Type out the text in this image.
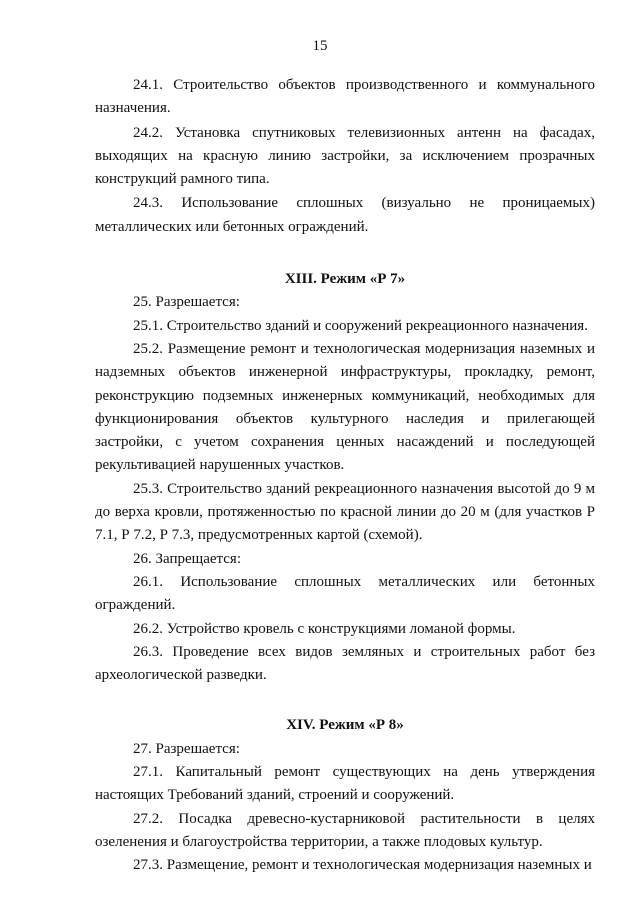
15

24.1. Строительство объектов производственного и коммунального назначения.

24.2. Установка спутниковых телевизионных антенн на фасадах, выходящих на красную линию застройки, за исключением прозрачных конструкций рамного типа.

24.3. Использование сплошных (визуально не проницаемых) металлических или бетонных ограждений.

XIII. Режим «Р 7»

25. Разрешается:

25.1. Строительство зданий и сооружений рекреационного назначения.

25.2. Размещение ремонт и технологическая модернизация наземных и надземных объектов инженерной инфраструктуры, прокладку, ремонт, реконструкцию подземных инженерных коммуникаций, необходимых для функционирования объектов культурного наследия и прилегающей застройки, с учетом сохранения ценных насаждений и последующей рекультивацией нарушенных участков.

25.3. Строительство зданий рекреационного назначения высотой до 9 м до верха кровли, протяженностью по красной линии до 20 м (для участков Р 7.1, Р 7.2, Р 7.3, предусмотренных картой (схемой).

26. Запрещается:

26.1. Использование сплошных металлических или бетонных ограждений.

26.2. Устройство кровель с конструкциями ломаной формы.

26.3. Проведение всех видов земляных и строительных работ без археологической разведки.

XIV. Режим «Р 8»

27. Разрешается:

27.1. Капитальный ремонт существующих на день утверждения настоящих Требований зданий, строений и сооружений.

27.2. Посадка древесно-кустарниковой растительности в целях озеленения и благоустройства территории, а также плодовых культур.

27.3. Размещение, ремонт и технологическая модернизация наземных и
